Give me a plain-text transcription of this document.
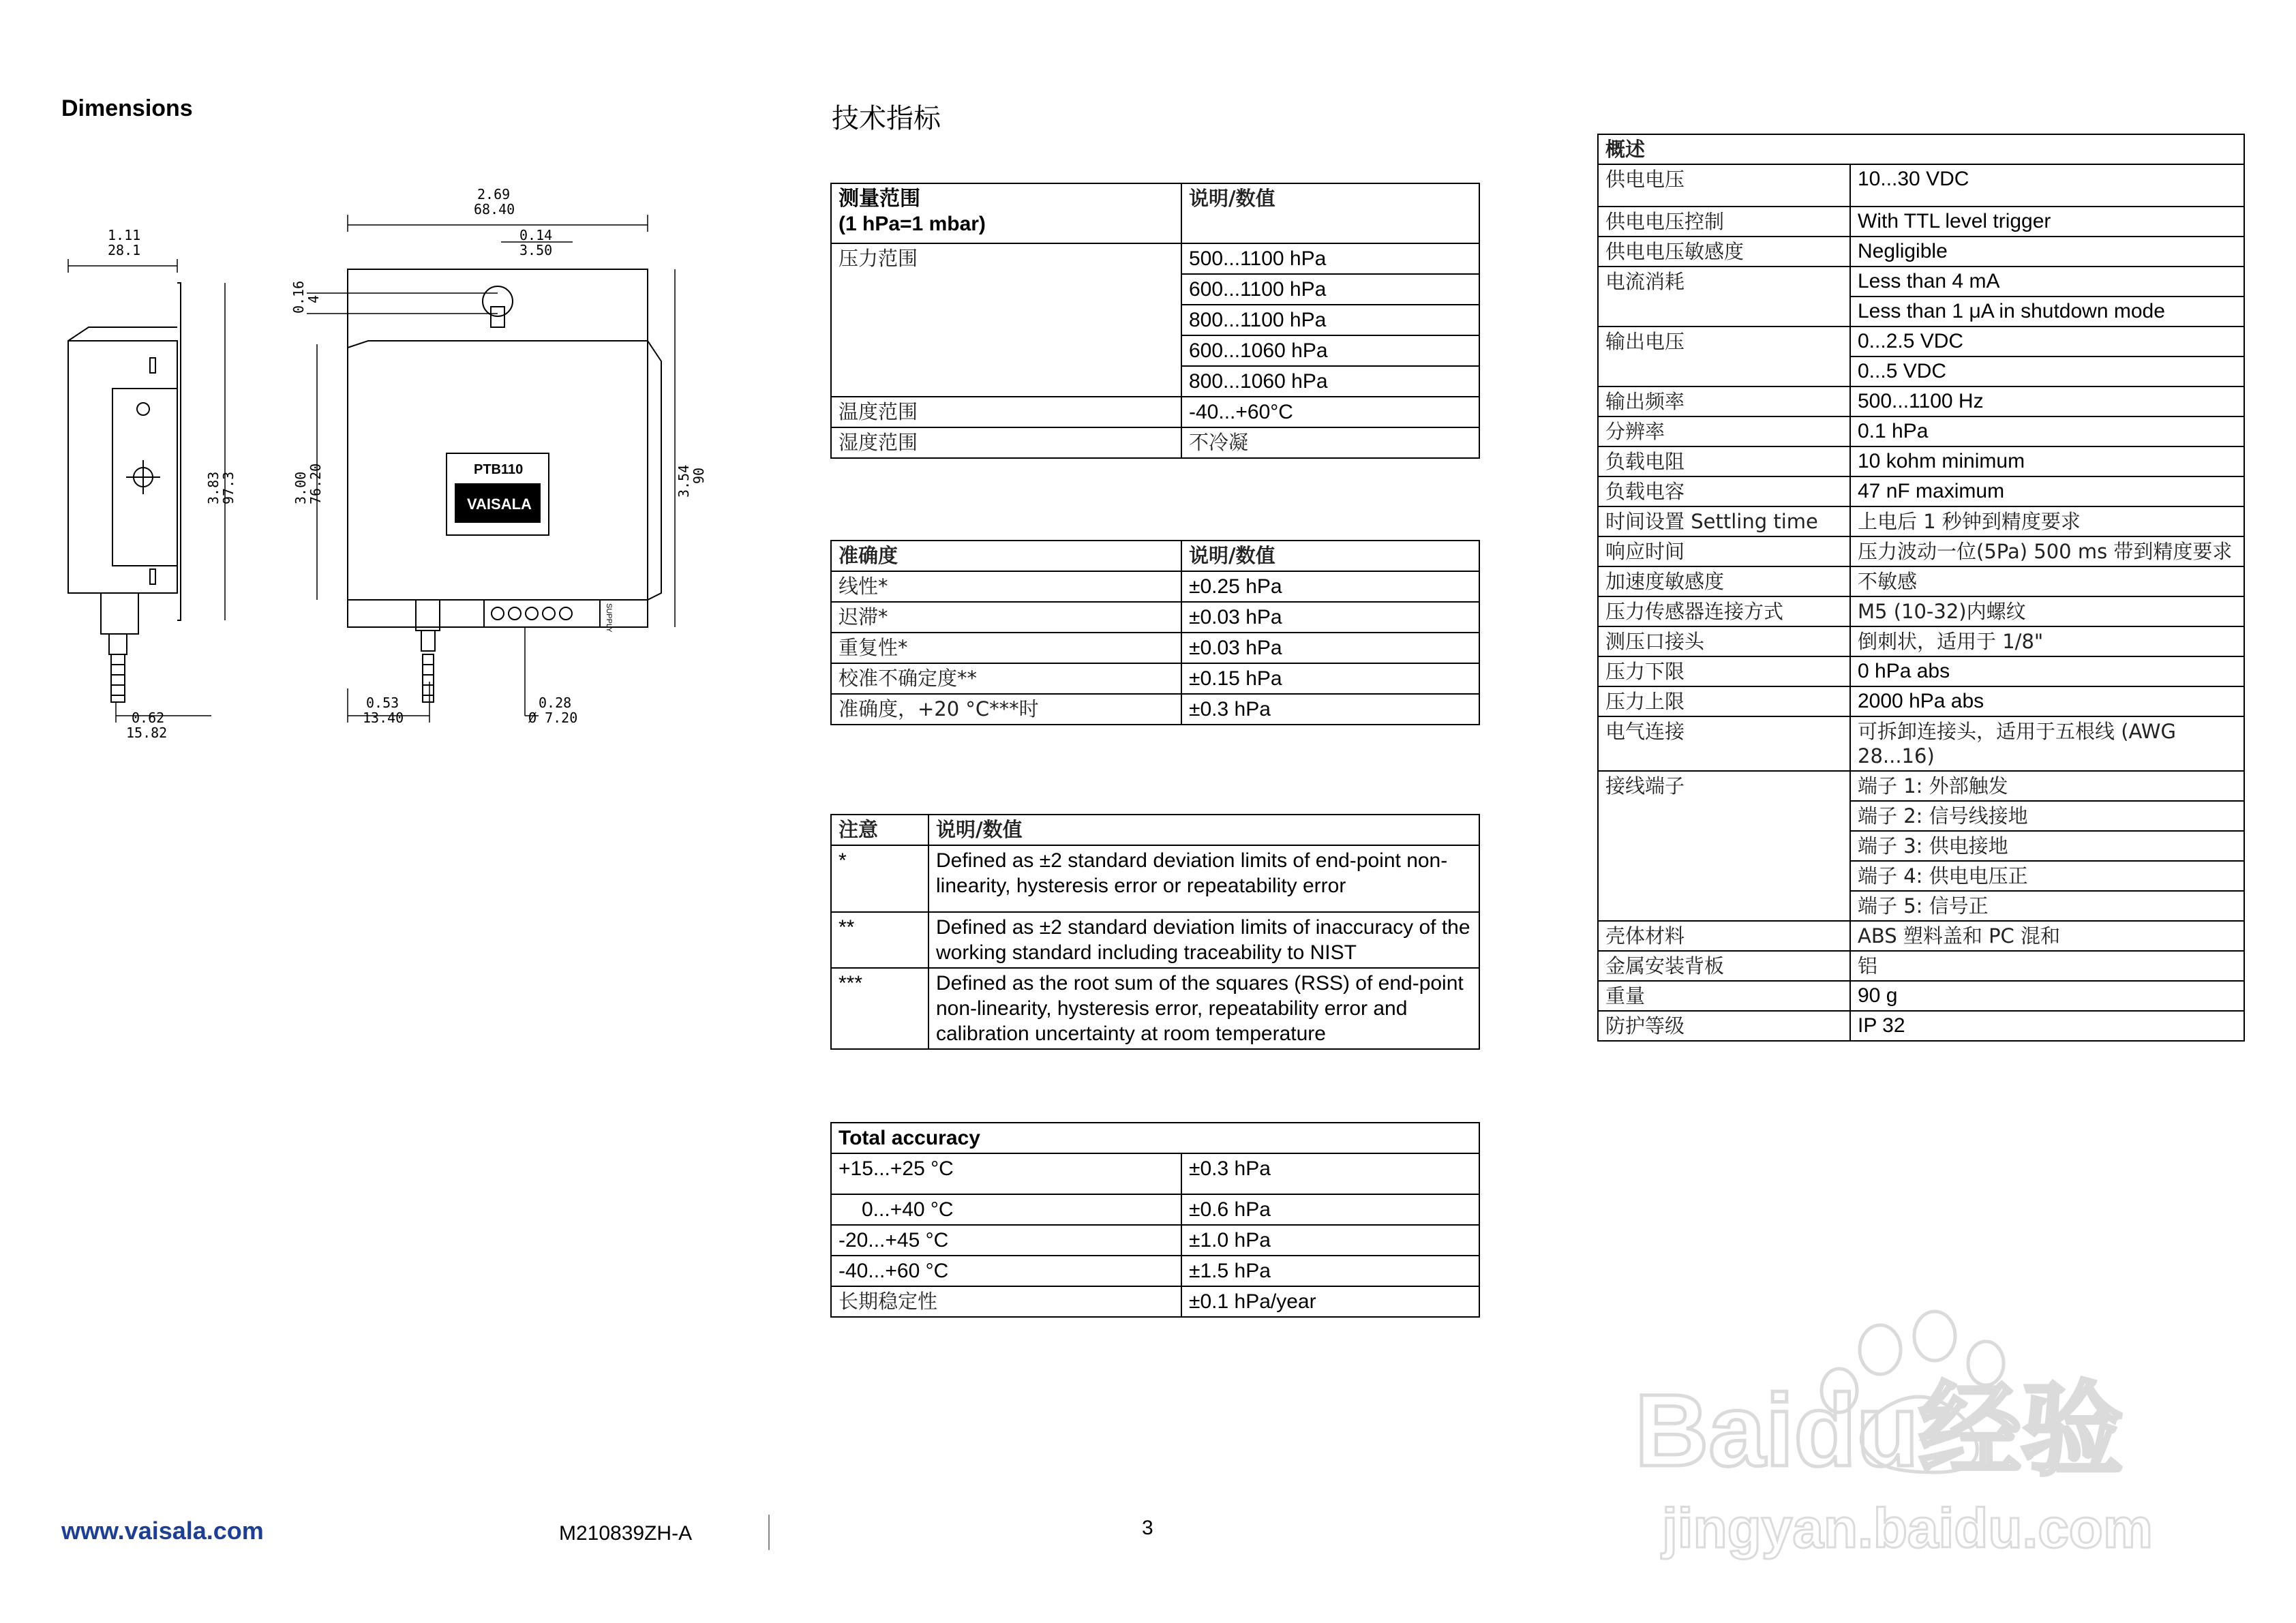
Dimensions	技术指标
1.11
28.1
2.69
68.40
0.14
3.50
0.16
4
3.83
97.3	3.00
76.20	3.54
90
0.62
15.82
0.53
13.40
0.28
Ø 7.20
PTB110
VAISALA
SUPPLY
测量范围
(1 hPa=1 mbar)	说明/数值
压力范围	500...1100 hPa
	600...1100 hPa
	800...1100 hPa
	600...1060 hPa
	800...1060 hPa
温度范围	-40...+60°C
湿度范围	不冷凝
准确度	说明/数值
线性*	±0.25 hPa
迟滞*	±0.03 hPa
重复性*	±0.03 hPa
校准不确定度**	±0.15 hPa
准确度，+20 °C***时	±0.3 hPa
注意	说明/数值
*	Defined as ±2 standard deviation limits of end-point non-linearity, hysteresis error or repeatability error
**	Defined as ±2 standard deviation limits of inaccuracy of the working standard including traceability to NIST
***	Defined as the root sum of the squares (RSS) of end-point non-linearity, hysteresis error, repeatability error and calibration uncertainty at room temperature
Total accuracy	
+15...+25 °C	±0.3 hPa
0...+40 °C	±0.6 hPa
-20...+45 °C	±1.0 hPa
-40...+60 °C	±1.5 hPa
长期稳定性	±0.1 hPa/year
概述	
供电电压	10...30 VDC
供电电压控制	With TTL level trigger
供电电压敏感度	Negligible
电流消耗	Less than 4 mA
	Less than 1 μA in shutdown mode
输出电压	0...2.5 VDC
	0...5 VDC
输出频率	500...1100 Hz
分辨率	0.1 hPa
负载电阻	10 kohm minimum
负载电容	47 nF maximum
时间设置 Settling time	上电后 1 秒钟到精度要求
响应时间	压力波动一位(5Pa) 500 ms 带到精度要求
加速度敏感度	不敏感
压力传感器连接方式	M5 (10-32)内螺纹
测压口接头	倒刺状，适用于 1/8"
压力下限	0 hPa abs
压力上限	2000 hPa abs
电气连接	可拆卸连接头，适用于五根线 (AWG 28...16)
接线端子	端子 1: 外部触发
	端子 2: 信号线接地
	端子 3: 供电接地
	端子 4: 供电电压正
	端子 5: 信号正
壳体材料	ABS 塑料盖和 PC 混和
金属安装背板	铝
重量	90 g
防护等级	IP 32
www.vaisala.com	M210839ZH-A	3
Baidu经验
jingyan.baidu.com
